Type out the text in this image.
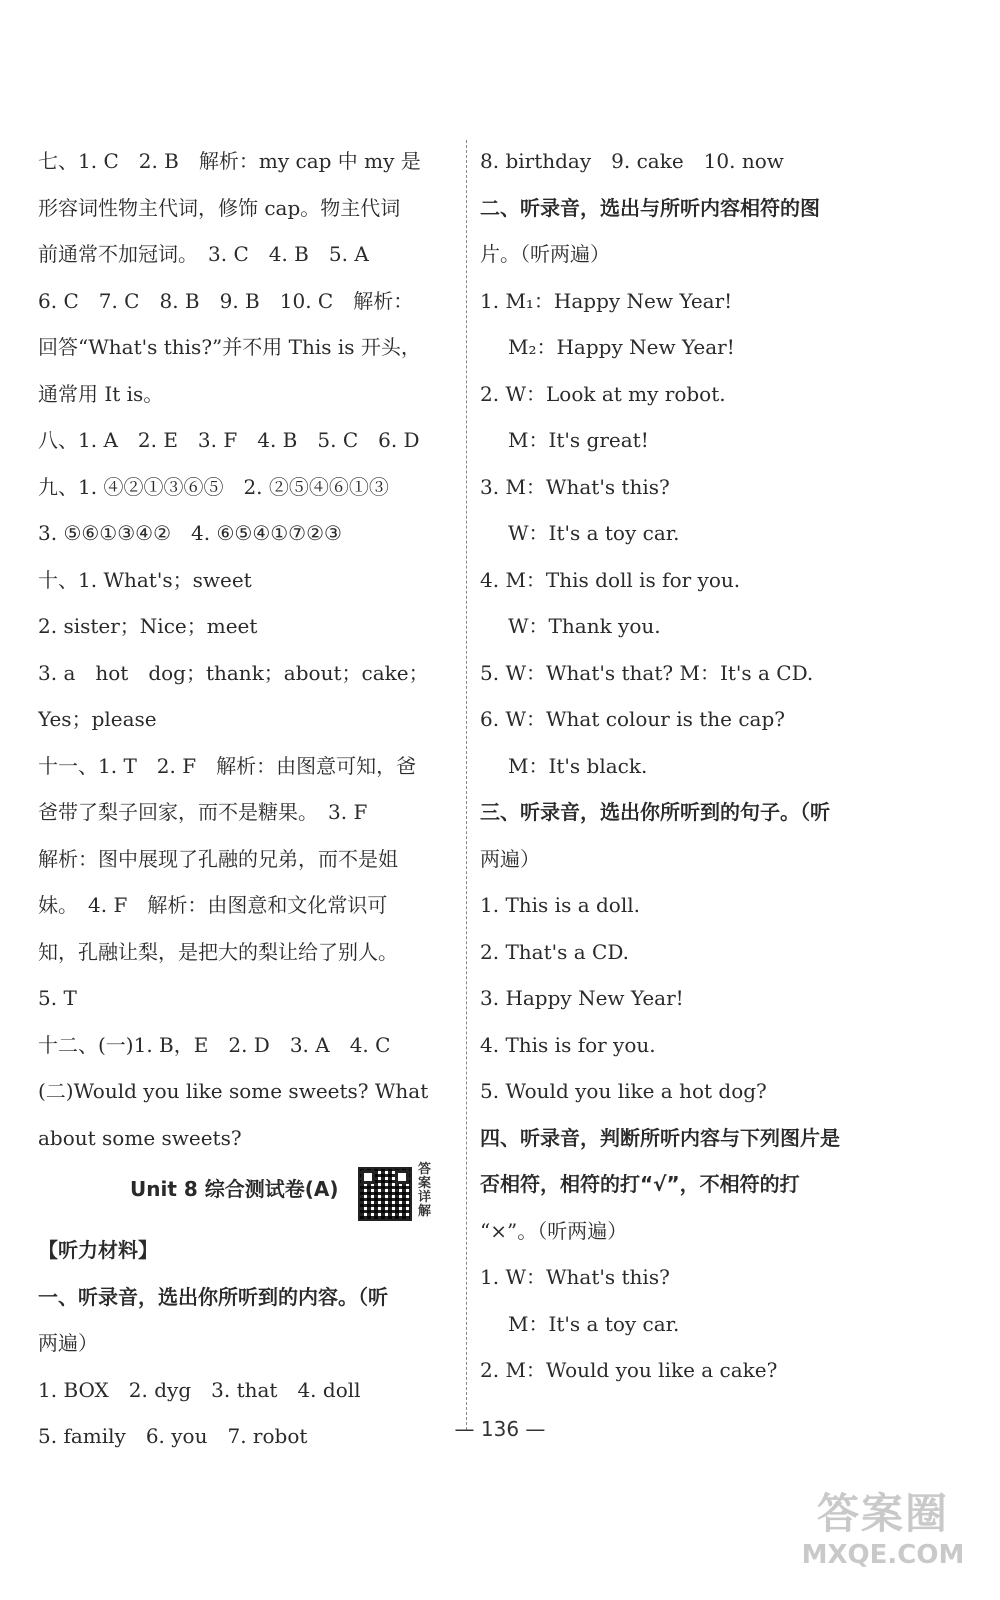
七、1. C　2. B　解析：my cap 中 my 是
形容词性物主代词，修饰 cap。物主代词
前通常不加冠词。　3. C　4. B　5. A
6. C　7. C　8. B　9. B　10. C　解析：
回答“What's this?”并不用 This is 开头，
通常用 It is。
八、1. A　2. E　3. F　4. B　5. C　6. D
九、1. ④②①③⑥⑤　2. ②⑤④⑥①③
3. ⑤⑥①③④②　4. ⑥⑤④①⑦②③
十、1. What's；sweet
2. sister；Nice；meet
3. a　hot　dog；thank；about；cake；
Yes；please
十一、1. T　2. F　解析：由图意可知，爸
爸带了梨子回家，而不是糖果。　3. F
解析：图中展现了孔融的兄弟，而不是姐
妹。　4. F　解析：由图意和文化常识可
知，孔融让梨，是把大的梨让给了别人。
5. T
十二、(一)1. B，E　2. D　3. A　4. C
(二)Would you like some sweets? What
about some sweets?
Unit 8 综合测试卷(A)
答案详解
【听力材料】
一、听录音，选出你所听到的内容。（听
两遍）
1. BOX　2. dyg　3. that　4. doll
5. family　6. you　7. robot
8. birthday　9. cake　10. now
二、听录音，选出与所听内容相符的图
片。（听两遍）
1. M₁：Happy New Year!
M₂：Happy New Year!
2. W：Look at my robot.
M：It's great!
3. M：What's this?
W：It's a toy car.
4. M：This doll is for you.
W：Thank you.
5. W：What's that? M：It's a CD.
6. W：What colour is the cap?
M：It's black.
三、听录音，选出你所听到的句子。（听
两遍）
1. This is a doll.
2. That's a CD.
3. Happy New Year!
4. This is for you.
5. Would you like a hot dog?
四、听录音，判断所听内容与下列图片是
否相符，相符的打“√”，不相符的打
“×”。（听两遍）
1. W：What's this?
M：It's a toy car.
2. M：Would you like a cake?
— 136 —
答案圈
MXQE.COM
